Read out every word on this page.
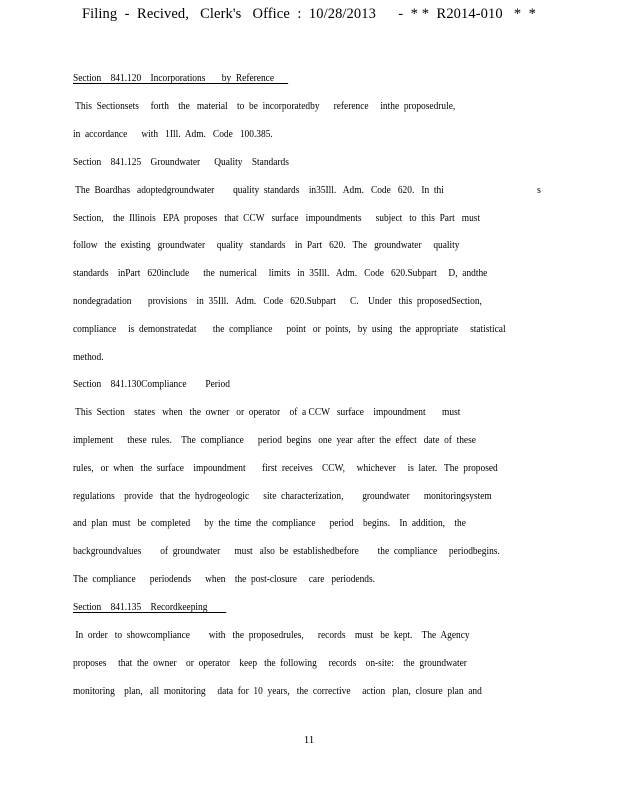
Filing  -  Recived,   Clerk's   Office  :  10/28/2013      -  * *  R2014-010   *  *
Section    841.120    Incorporations       by  Reference
This  Sectionsets     forth    the   material    to  be  incorporatedby      reference     inthe  proposedrule,
in  accordance      with   1Ill.  Adm.   Code   100.385.
Section    841.125    Groundwater      Quality    Standards
The  Boardhas   adoptedgroundwater        quality  standards    in35Ill.   Adm.   Code   620.   In  thi	s
Section,    the  Illinois   EPA  proposes   that  CCW   surface   impoundments      subject   to  this  Part   must
follow   the  existing   groundwater     quality   standards    in  Part   620.   The   groundwater     quality
standards    inPart   620include      the  numerical     limits   in  35Ill.   Adm.   Code   620.Subpart     D,  andthe
nondegradation       provisions    in  35Ill.   Adm.   Code   620.Subpart      C.    Under   this  proposedSection,
compliance     is  demonstratedat       the  compliance      point   or  points,   by  using   the  appropriate     statistical
method.
Section    841.130Compliance        Period
This  Section    states   when   the  owner   or  operator    of  a CCW   surface    impoundment       must
implement      these  rules.    The  compliance      period  begins   one  year  after  the  effect   date  of  these
rules,   or  when   the  surface    impoundment       first  receives    CCW,     whichever     is  later.   The  proposed
regulations    provide   that  the  hydrogeologic      site  characterization,        groundwater      monitoringsystem
and  plan  must   be  completed      by  the  time  the  compliance      period    begins.    In  addition,    the
backgroundvalues        of  groundwater      must   also  be  establishedbefore        the  compliance     periodbegins.
The  compliance      periodends      when    the  post-closure     care   periodends.
Section    841.135    Recordkeeping
In  order   to  showcompliance        with   the  proposedrules,      records    must   be  kept.    The  Agency
proposes     that  the  owner    or  operator    keep   the  following     records    on-site:    the  groundwater
monitoring    plan,   all  monitoring     data  for  10  years,   the  corrective     action   plan,  closure  plan  and
11
